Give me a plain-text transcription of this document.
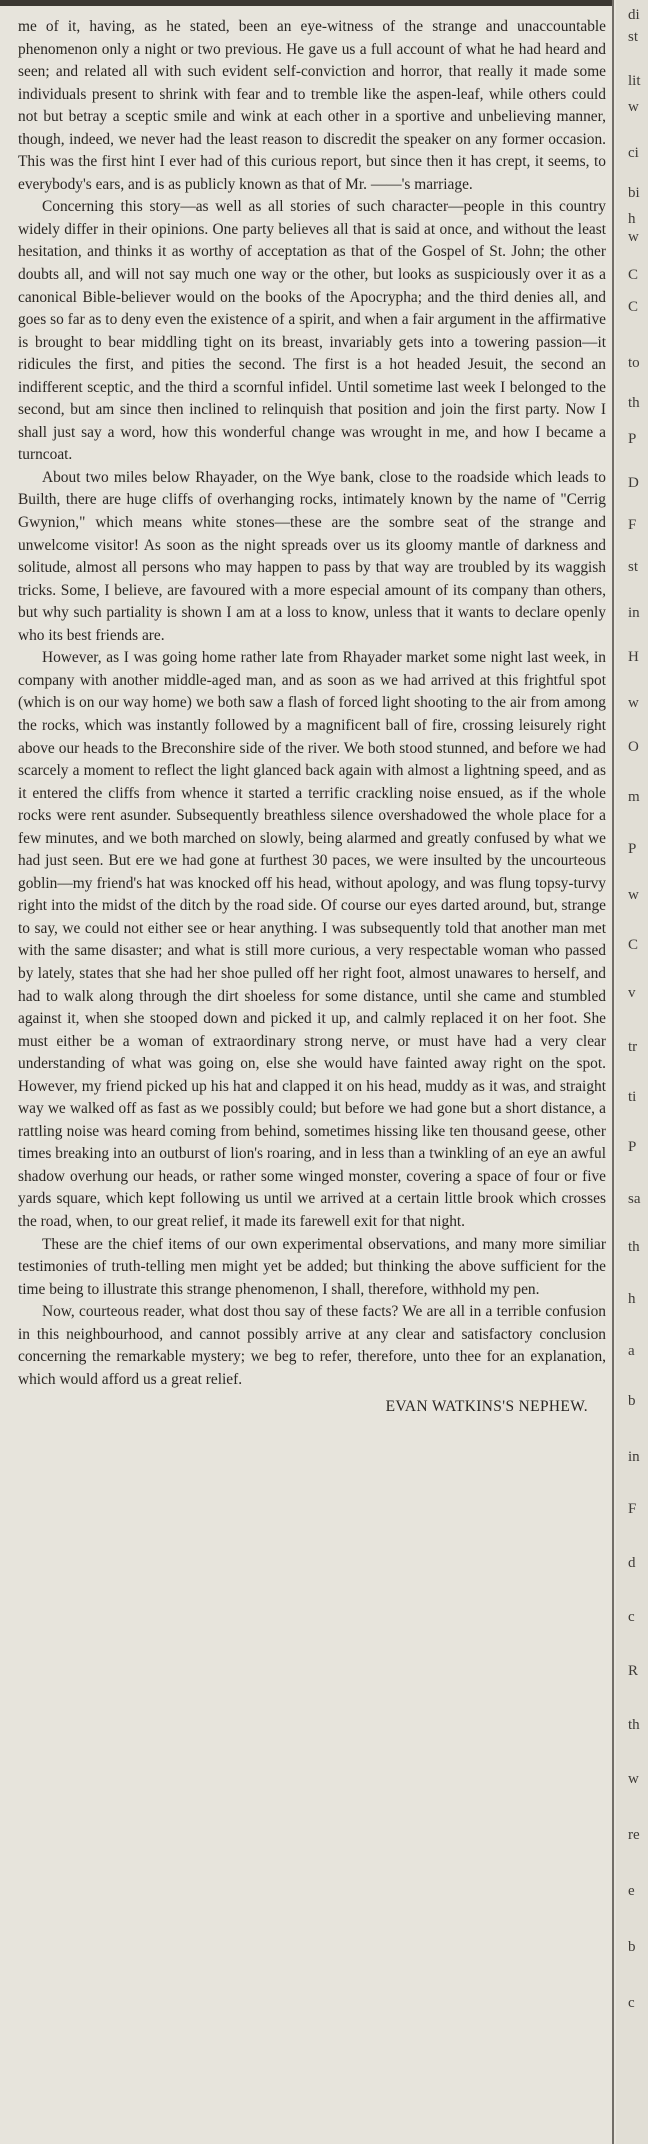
me of it, having, as he stated, been an eye-witness of the strange and unaccountable phenomenon only a night or two previous. He gave us a full account of what he had heard and seen; and related all with such evident self-conviction and horror, that really it made some individuals present to shrink with fear and to tremble like the aspen-leaf, while others could not but betray a sceptic smile and wink at each other in a sportive and unbelieving manner, though, indeed, we never had the least reason to discredit the speaker on any former occasion. This was the first hint I ever had of this curious report, but since then it has crept, it seems, to everybody's ears, and is as publicly known as that of Mr. ——'s marriage.

Concerning this story—as well as all stories of such character—people in this country widely differ in their opinions. One party believes all that is said at once, and without the least hesitation, and thinks it as worthy of acceptation as that of the Gospel of St. John; the other doubts all, and will not say much one way or the other, but looks as suspiciously over it as a canonical Bible-believer would on the books of the Apocrypha; and the third denies all, and goes so far as to deny even the existence of a spirit, and when a fair argument in the affirmative is brought to bear middling tight on its breast, invariably gets into a towering passion—it ridicules the first, and pities the second. The first is a hot headed Jesuit, the second an indifferent sceptic, and the third a scornful infidel. Until sometime last week I belonged to the second, but am since then inclined to relinquish that position and join the first party. Now I shall just say a word, how this wonderful change was wrought in me, and how I became a turncoat.

About two miles below Rhayader, on the Wye bank, close to the roadside which leads to Builth, there are huge cliffs of overhanging rocks, intimately known by the name of "Cerrig Gwynion," which means white stones—these are the sombre seat of the strange and unwelcome visitor! As soon as the night spreads over us its gloomy mantle of darkness and solitude, almost all persons who may happen to pass by that way are troubled by its waggish tricks. Some, I believe, are favoured with a more especial amount of its company than others, but why such partiality is shown I am at a loss to know, unless that it wants to declare openly who its best friends are.

However, as I was going home rather late from Rhayader market some night last week, in company with another middle-aged man, and as soon as we had arrived at this frightful spot (which is on our way home) we both saw a flash of forced light shooting to the air from among the rocks, which was instantly followed by a magnificent ball of fire, crossing leisurely right above our heads to the Breconshire side of the river. We both stood stunned, and before we had scarcely a moment to reflect the light glanced back again with almost a lightning speed, and as it entered the cliffs from whence it started a terrific crackling noise ensued, as if the whole rocks were rent asunder. Subsequently breathless silence overshadowed the whole place for a few minutes, and we both marched on slowly, being alarmed and greatly confused by what we had just seen. But ere we had gone at furthest 30 paces, we were insulted by the uncourteous goblin—my friend's hat was knocked off his head, without apology, and was flung topsy-turvy right into the midst of the ditch by the road side. Of course our eyes darted around, but, strange to say, we could not either see or hear anything. I was subsequently told that another man met with the same disaster; and what is still more curious, a very respectable woman who passed by lately, states that she had her shoe pulled off her right foot, almost unawares to herself, and had to walk along through the dirt shoeless for some distance, until she came and stumbled against it, when she stooped down and picked it up, and calmly replaced it on her foot. She must either be a woman of extraordinary strong nerve, or must have had a very clear understanding of what was going on, else she would have fainted away right on the spot. However, my friend picked up his hat and clapped it on his head, muddy as it was, and straight way we walked off as fast as we possibly could; but before we had gone but a short distance, a rattling noise was heard coming from behind, sometimes hissing like ten thousand geese, other times breaking into an outburst of lion's roaring, and in less than a twinkling of an eye an awful shadow overhung our heads, or rather some winged monster, covering a space of four or five yards square, which kept following us until we arrived at a certain little brook which crosses the road, when, to our great relief, it made its farewell exit for that night.

These are the chief items of our own experimental observations, and many more similiar testimonies of truth-telling men might yet be added; but thinking the above sufficient for the time being to illustrate this strange phenomenon, I shall, therefore, withhold my pen.

Now, courteous reader, what dost thou say of these facts? We are all in a terrible confusion in this neighbourhood, and cannot possibly arrive at any clear and satisfactory conclusion concerning the remarkable mystery; we beg to refer, therefore, unto thee for an explanation, which would afford us a great relief.

EVAN WATKINS'S NEPHEW.

di
st
lit
w
ci
bi
h
w
C
C
to
th
P
D
F
st
in
H
w
O
m
P
w
C
v
tr
ti
P
sa
th
h
a
b
in
F
d
c
R
th
w
re
e
b
c
